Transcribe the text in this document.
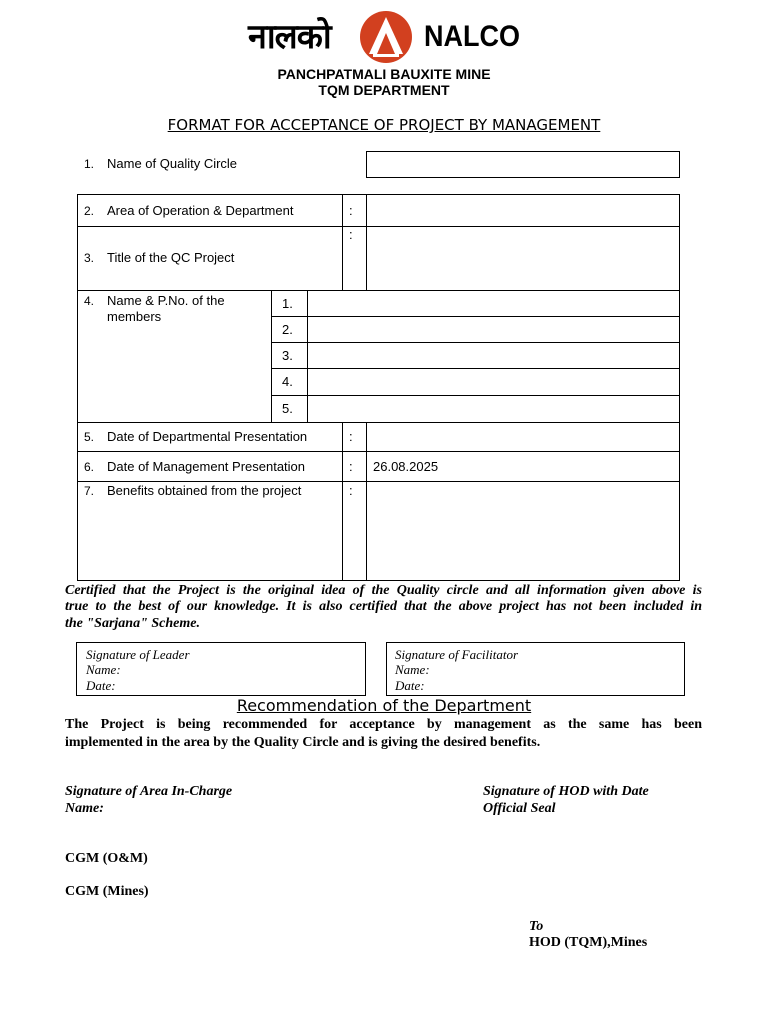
नालको	NALCO
PANCHPATMALI BAUXITE MINE
TQM DEPARTMENT
FORMAT FOR ACCEPTANCE OF PROJECT BY MANAGEMENT
1. Name of Quality Circle
2. Area of Operation & Department	:
3. Title of the QC Project
:
4. Name & P.No. of the
members
1.
2.
3.
4.
5.
5. Date of Departmental Presentation	:
6. Date of Management Presentation	: 26.08.2025
7. Benefits obtained from the project	:
Certified that the Project is the original idea of the Quality circle and all information given above is
true to the best of our knowledge. It is also certified that the above project has not been included in
the "Sarjana" Scheme.
Signature of Leader
Name:
Date:
Signature of Facilitator
Name:
Date:
Recommendation of the Department
The Project is being recommended for acceptance by management as the same has been
implemented in the area by the Quality Circle and is giving the desired benefits.
Signature of Area In-Charge
Name:
Signature of HOD with Date
Official Seal
CGM (O&M)
CGM (Mines)
To
HOD (TQM),Mines
